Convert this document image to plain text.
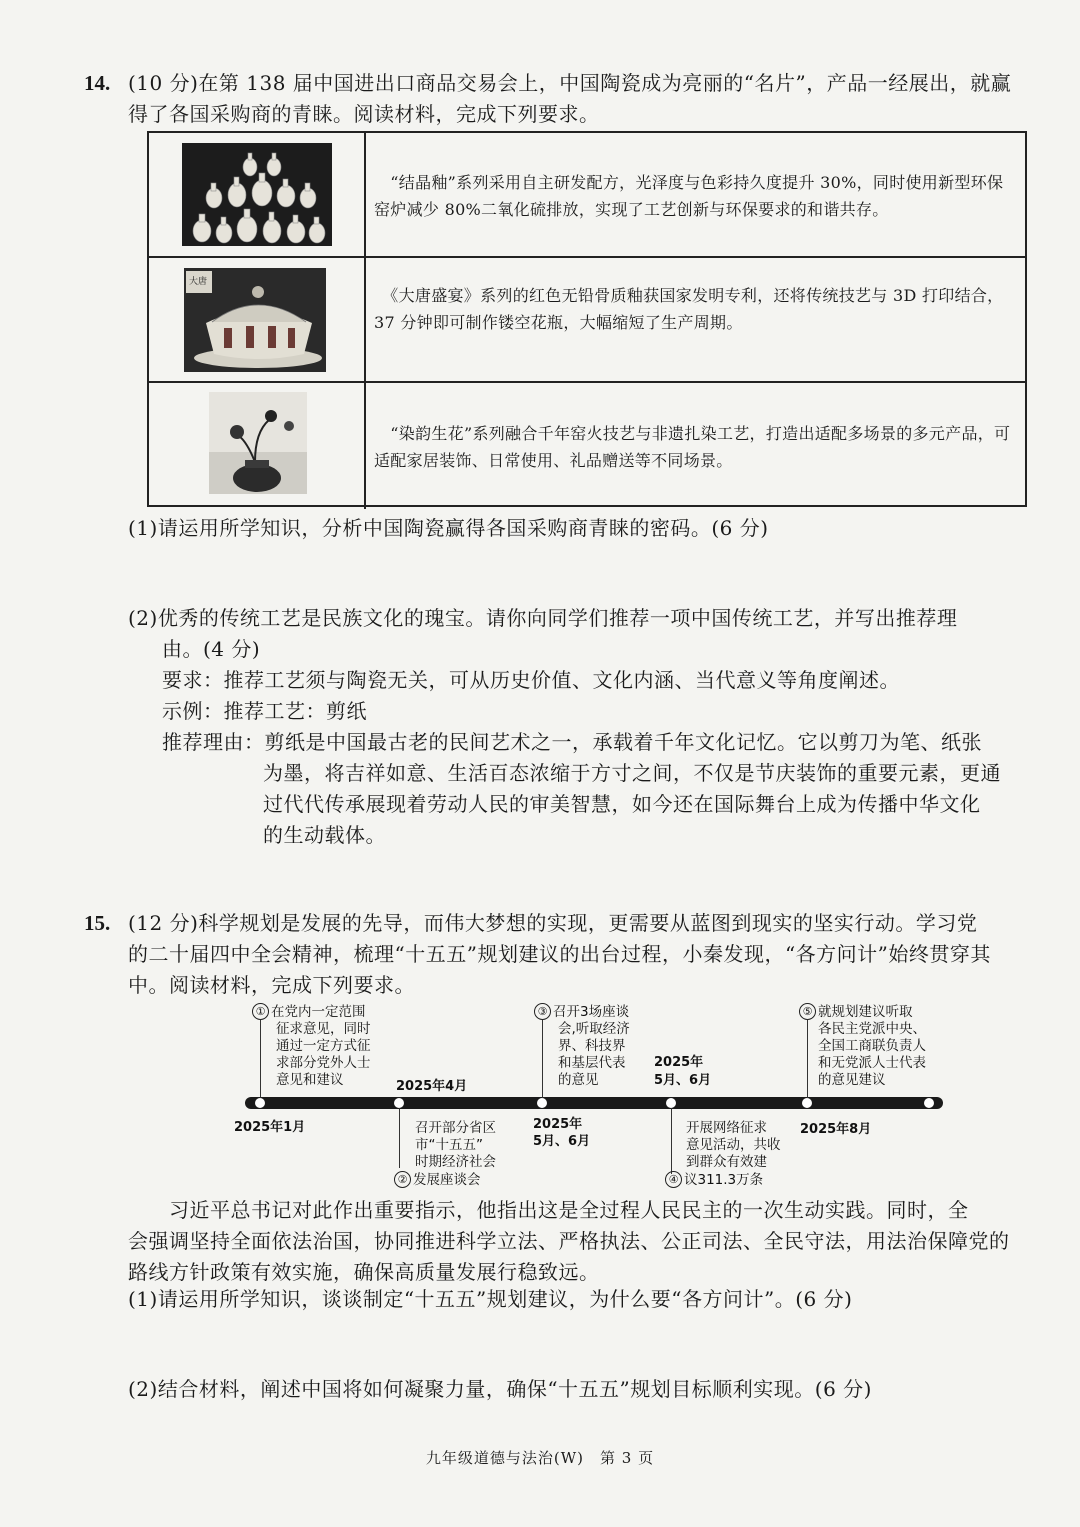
14. (10 分)在第 138 届中国进出口商品交易会上，中国陶瓷成为亮丽的“名片”，产品一经展出，就赢
得了各国采购商的青睐。阅读材料，完成下列要求。
　“结晶釉”系列采用自主研发配方，光泽度与色彩持久度提升 30%，同时使用新型环保窑炉减少 80%二氧化硫排放，实现了工艺创新与环保要求的和谐共存。
大唐
　《大唐盛宴》系列的红色无铅骨质釉获国家发明专利，还将传统技艺与 3D 打印结合，37 分钟即可制作镂空花瓶，大幅缩短了生产周期。
　“染韵生花”系列融合千年窑火技艺与非遗扎染工艺，打造出适配多场景的多元产品，可适配家居装饰、日常使用、礼品赠送等不同场景。
(1)请运用所学知识，分析中国陶瓷赢得各国采购商青睐的密码。(6 分)
(2)优秀的传统工艺是民族文化的瑰宝。请你向同学们推荐一项中国传统工艺，并写出推荐理
由。(4 分)
要求：推荐工艺须与陶瓷无关，可从历史价值、文化内涵、当代意义等角度阐述。
示例：推荐工艺：剪纸
推荐理由：剪纸是中国最古老的民间艺术之一，承载着千年文化记忆。它以剪刀为笔、纸张
为墨，将吉祥如意、生活百态浓缩于方寸之间，不仅是节庆装饰的重要元素，更通
过代代传承展现着劳动人民的审美智慧，如今还在国际舞台上成为传播中华文化
的生动载体。
15. (12 分)科学规划是发展的先导，而伟大梦想的实现，更需要从蓝图到现实的坚实行动。学习党
的二十届四中全会精神，梳理“十五五”规划建议的出台过程，小秦发现，“各方问计”始终贯穿其
中。阅读材料，完成下列要求。
① 在党内一定范围
征求意见，同时
通过一定方式征
求部分党外人士
意见和建议
2025年1月
2025年4月
召开部分省区
市“十五五”
时期经济社会
② 发展座谈会
③ 召开3场座谈
会,听取经济
界、科技界
和基层代表
的意见
2025年
5月、6月
2025年
5月、6月
开展网络征求
意见活动，共收
到群众有效建
④ 议311.3万条
⑤ 就规划建议听取
各民主党派中央、
全国工商联负责人
和无党派人士代表
的意见建议
2025年8月
　　习近平总书记对此作出重要指示，他指出这是全过程人民民主的一次生动实践。同时，全
会强调坚持全面依法治国，协同推进科学立法、严格执法、公正司法、全民守法，用法治保障党的
路线方针政策有效实施，确保高质量发展行稳致远。
(1)请运用所学知识，谈谈制定“十五五”规划建议，为什么要“各方问计”。(6 分)
(2)结合材料，阐述中国将如何凝聚力量，确保“十五五”规划目标顺利实现。(6 分)
九年级道德与法治(W)　第 3 页
